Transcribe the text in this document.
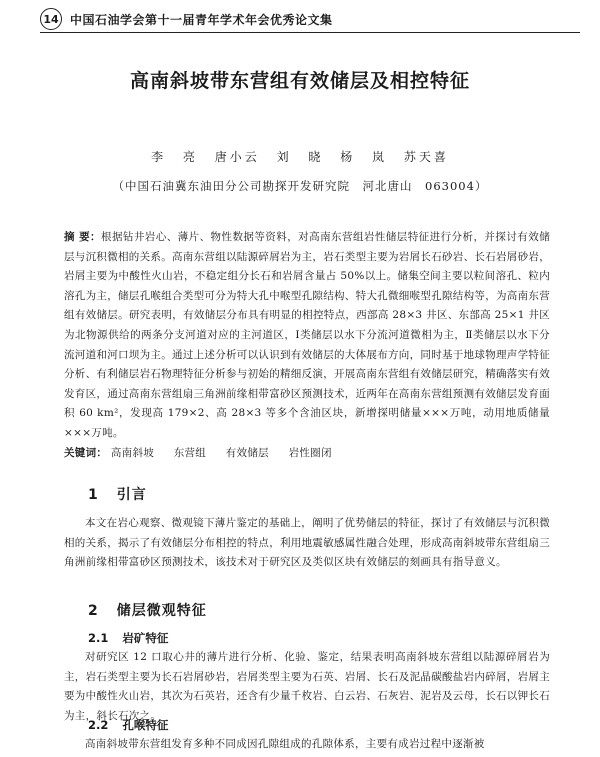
14 中国石油学会第十一届青年学术年会优秀论文集
高南斜坡带东营组有效储层及相控特征
李 亮 唐小云 刘 晓 杨 岚 苏天喜
（中国石油冀东油田分公司勘探开发研究院　河北唐山　063004）
摘 要：根据钻井岩心、薄片、物性数据等资料，对高南东营组岩性储层特征进行分析，并探讨有效储层与沉积微相的关系。高南东营组以陆源碎屑岩为主，岩石类型主要为岩屑长石砂岩、长石岩屑砂岩，岩屑主要为中酸性火山岩，不稳定组分长石和岩屑含量占 50%以上。储集空间主要以粒间溶孔、粒内溶孔为主，储层孔喉组合类型可分为特大孔中喉型孔隙结构、特大孔微细喉型孔隙结构等，为高南东营组有效储层。研究表明，有效储层分布具有明显的相控特点，西部高 28×3 井区、东部高 25×1 井区为北物源供给的两条分支河道对应的主河道区，Ⅰ类储层以水下分流河道微相为主，Ⅱ类储层以水下分流河道和河口坝为主。通过上述分析可以认识到有效储层的大体展布方向，同时基于地球物理声学特征分析、有利储层岩石物理特征分析参与初始的精细反演，开展高南东营组有效储层研究，精确落实有效发育区，通过高南东营组扇三角洲前缘相带富砂区预测技术，近两年在高南东营组预测有效储层发育面积 60 km²，发现高 179×2、高 28×3 等多个含油区块，新增探明储量×××万吨，动用地质储量×××万吨。
关键词： 高南斜坡 东营组 有效储层 岩性圈闭
1 引言
本文在岩心观察、微观镜下薄片鉴定的基础上，阐明了优势储层的特征，探讨了有效储层与沉积微相的关系，揭示了有效储层分布相控的特点，利用地震敏感属性融合处理，形成高南斜坡带东营组扇三角洲前缘相带富砂区预测技术，该技术对于研究区及类似区块有效储层的刻画具有指导意义。
2 储层微观特征
2.1 岩矿特征
对研究区 12 口取心井的薄片进行分析、化验、鉴定，结果表明高南斜坡东营组以陆源碎屑岩为主，岩石类型主要为长石岩屑砂岩，岩屑类型主要为石英、岩屑、长石及泥晶碳酸盐岩内碎屑，岩屑主要为中酸性火山岩，其次为石英岩，还含有少量千枚岩、白云岩、石灰岩、泥岩及云母，长石以钾长石为主，斜长石次之。
2.2 孔喉特征
高南斜坡带东营组发育多种不同成因孔隙组成的孔隙体系，主要有成岩过程中逐渐被
